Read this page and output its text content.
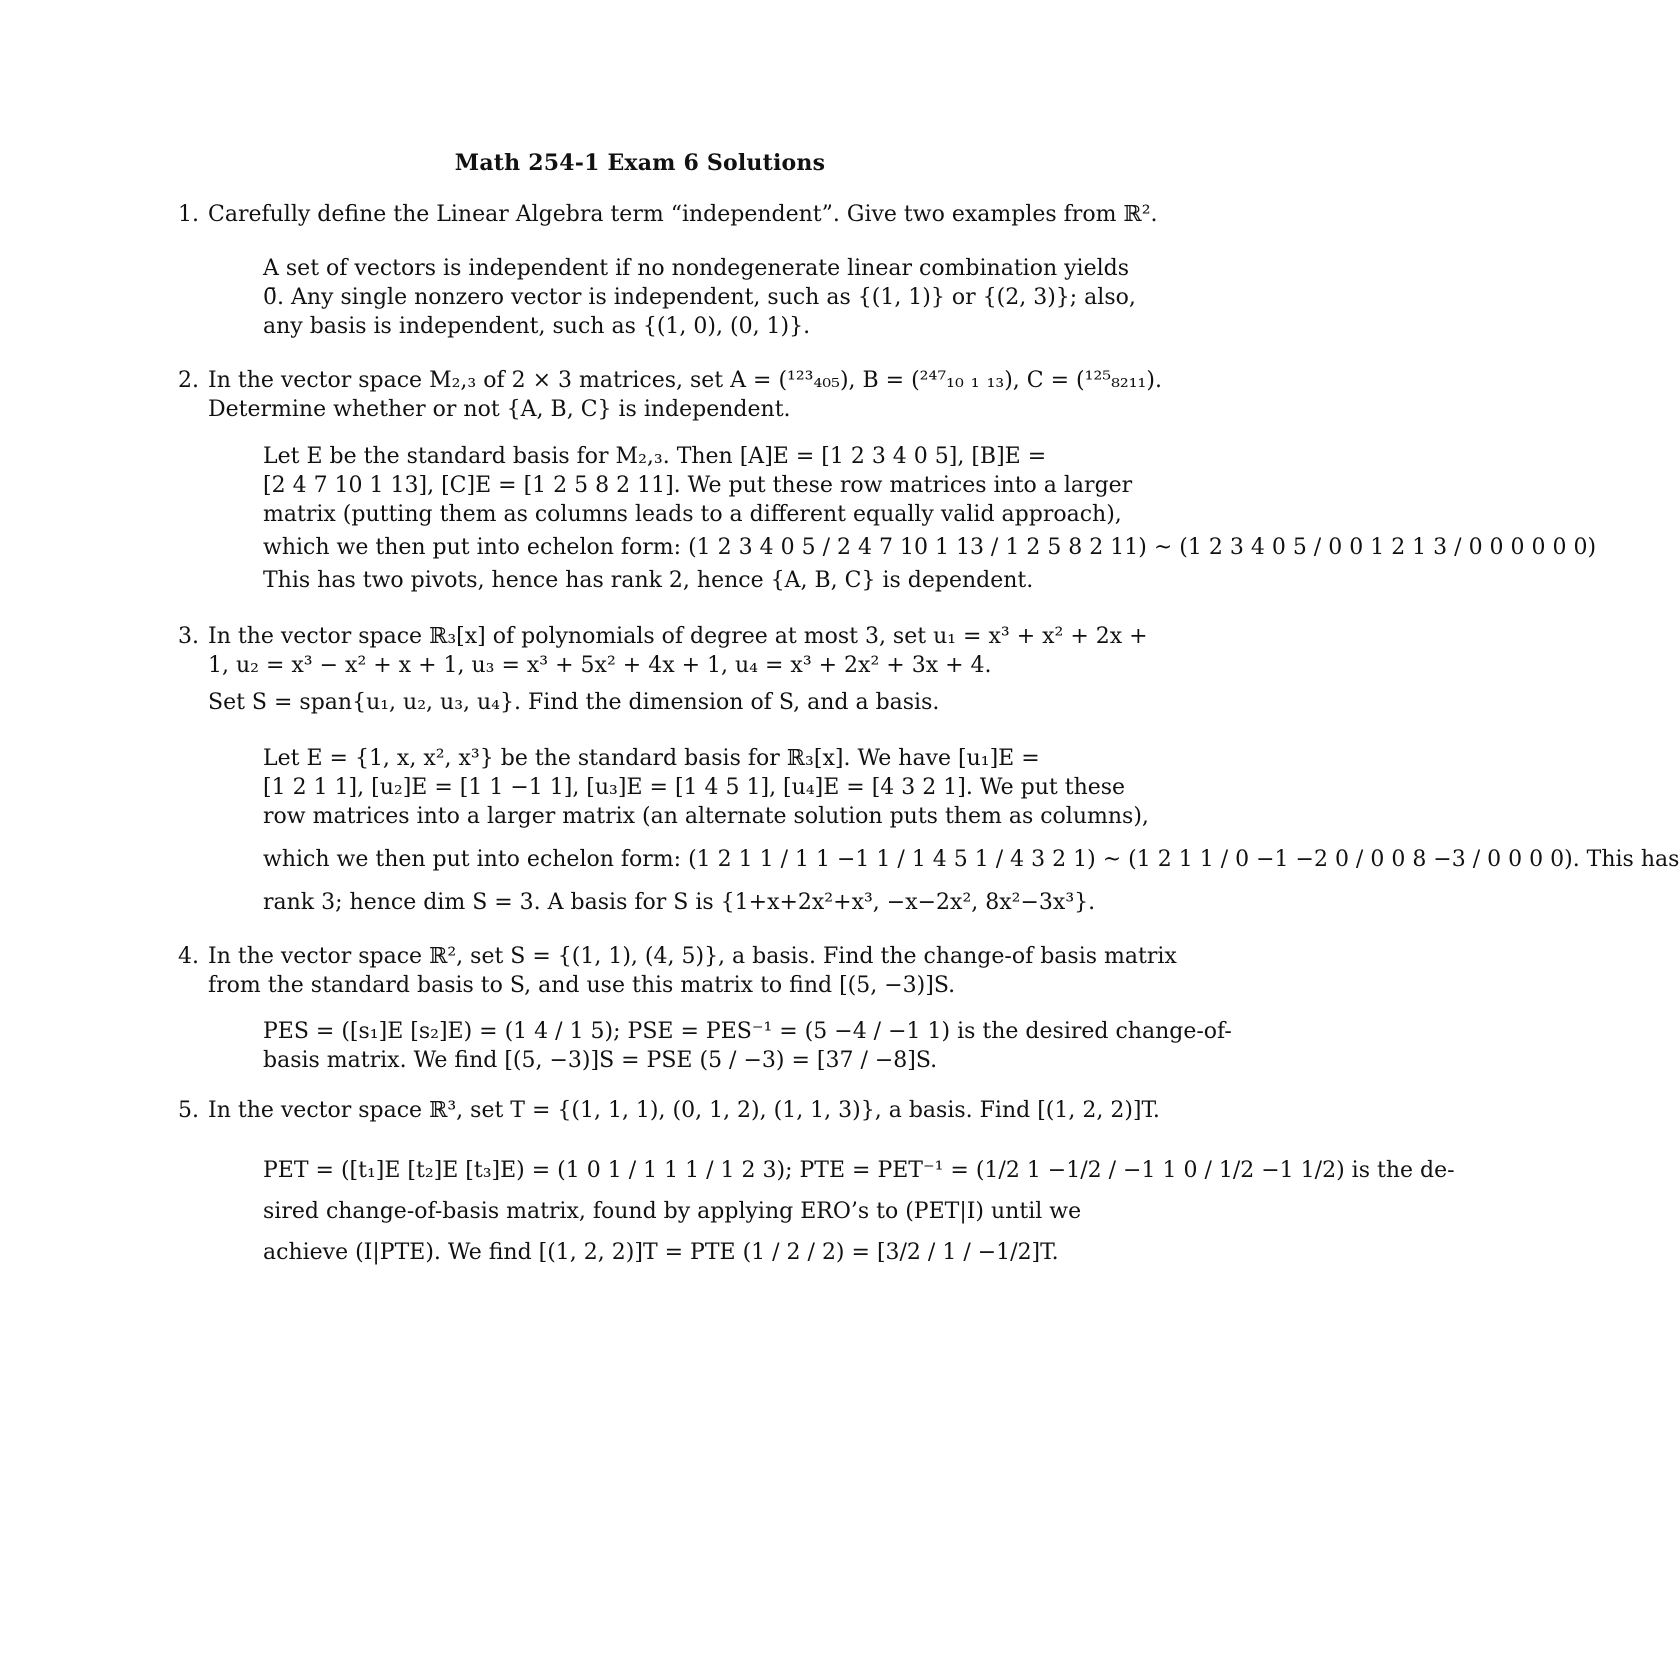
Math 254-1 Exam 6 Solutions
1. Carefully define the Linear Algebra term “independent”. Give two examples from ℝ².
A set of vectors is independent if no nondegenerate linear combination yields
0̄. Any single nonzero vector is independent, such as {(1, 1)} or {(2, 3)}; also,
any basis is independent, such as {(1, 0), (0, 1)}.
2. In the vector space M₂,₃ of 2 × 3 matrices, set A = (¹²³₄₀₅), B = (²⁴⁷₁₀ ₁ ₁₃), C = (¹²⁵₈₂₁₁).
Determine whether or not {A, B, C} is independent.
Let E be the standard basis for M₂,₃. Then [A]E = [1 2 3 4 0 5], [B]E =
[2 4 7 10 1 13], [C]E = [1 2 5 8 2 11]. We put these row matrices into a larger
matrix (putting them as columns leads to a different equally valid approach),
which we then put into echelon form: (1 2 3 4 0 5 / 2 4 7 10 1 13 / 1 2 5 8 2 11) ~ (1 2 3 4 0 5 / 0 0 1 2 1 3 / 0 0 0 0 0 0)
This has two pivots, hence has rank 2, hence {A, B, C} is dependent.
3. In the vector space ℝ₃[x] of polynomials of degree at most 3, set u₁ = x³ + x² + 2x +
1, u₂ = x³ − x² + x + 1, u₃ = x³ + 5x² + 4x + 1, u₄ = x³ + 2x² + 3x + 4.
Set S = span{u₁, u₂, u₃, u₄}. Find the dimension of S, and a basis.
Let E = {1, x, x², x³} be the standard basis for ℝ₃[x]. We have [u₁]E =
[1 2 1 1], [u₂]E = [1 1 −1 1], [u₃]E = [1 4 5 1], [u₄]E = [4 3 2 1]. We put these
row matrices into a larger matrix (an alternate solution puts them as columns),
which we then put into echelon form: (1 2 1 1 / 1 1 −1 1 / 1 4 5 1 / 4 3 2 1) ~ (1 2 1 1 / 0 −1 −2 0 / 0 0 8 −3 / 0 0 0 0). This has
rank 3; hence dim S = 3. A basis for S is {1+x+2x²+x³, −x−2x², 8x²−3x³}.
4. In the vector space ℝ², set S = {(1, 1), (4, 5)}, a basis. Find the change-of basis matrix
from the standard basis to S, and use this matrix to find [(5, −3)]S.
PES = ([s₁]E [s₂]E) = (1 4 / 1 5); PSE = PES⁻¹ = (5 −4 / −1 1) is the desired change-of-
basis matrix. We find [(5, −3)]S = PSE (5 / −3) = [37 / −8]S.
5. In the vector space ℝ³, set T = {(1, 1, 1), (0, 1, 2), (1, 1, 3)}, a basis. Find [(1, 2, 2)]T.
PET = ([t₁]E [t₂]E [t₃]E) = (1 0 1 / 1 1 1 / 1 2 3); PTE = PET⁻¹ = (1/2 1 −1/2 / −1 1 0 / 1/2 −1 1/2) is the de-
sired change-of-basis matrix, found by applying ERO’s to (PET|I) until we
achieve (I|PTE). We find [(1, 2, 2)]T = PTE (1 / 2 / 2) = [3/2 / 1 / −1/2]T.
